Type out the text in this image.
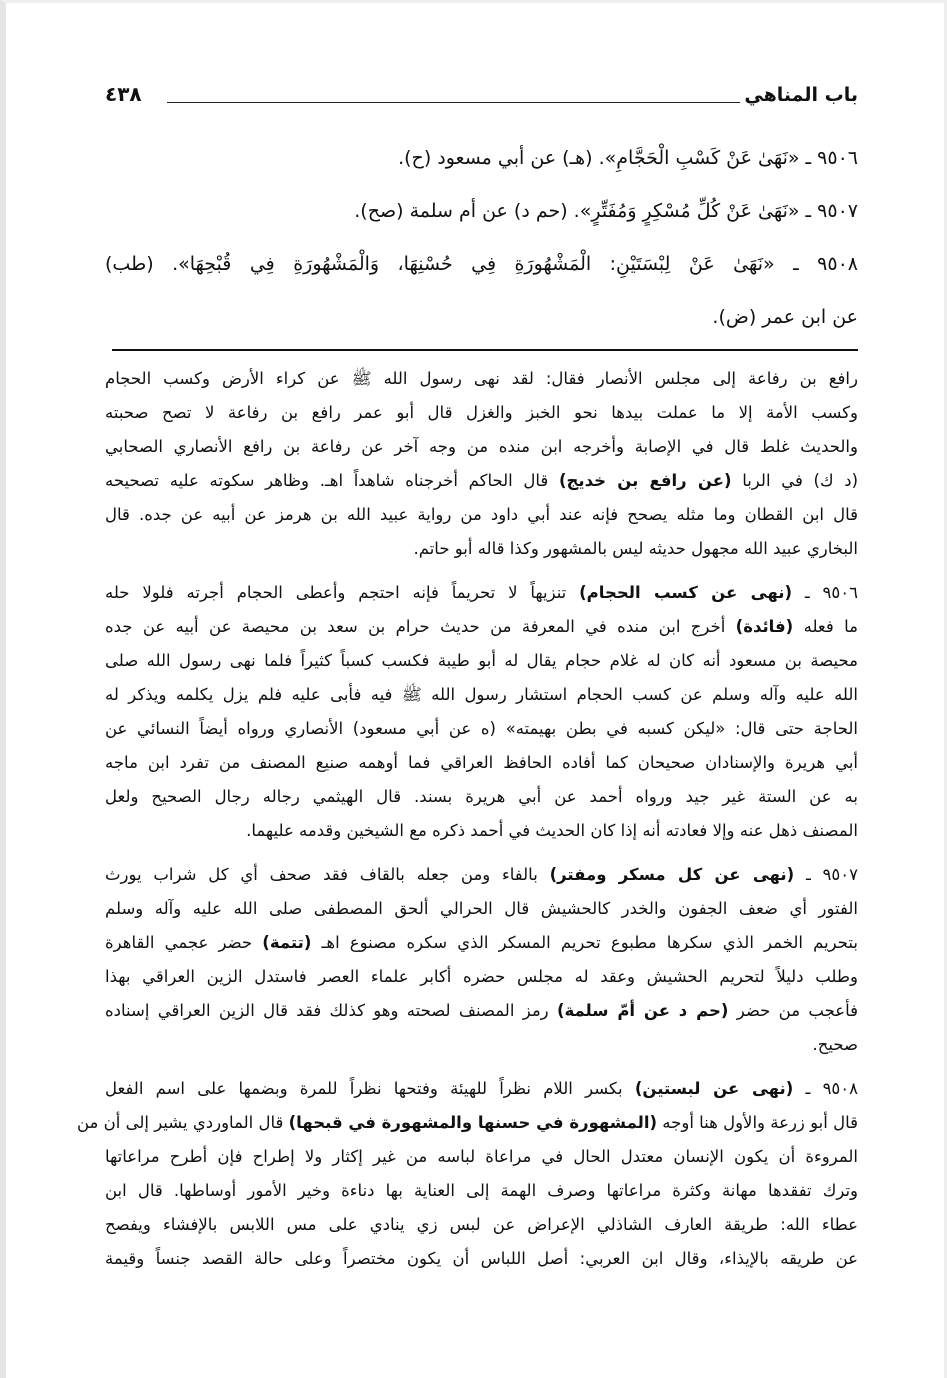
باب المناهي
٤٣٨
٩٥٠٦ ـ «نَهَىٰ عَنْ كَسْبِ الْحَجَّامِ». (هـ) عن أبي مسعود (ح).
٩٥٠٧ ـ «نَهَىٰ عَنْ كُلِّ مُسْكِرٍ وَمُفَتِّرٍ». (حم د) عن أم سلمة (صح).
٩٥٠٨ ـ «نَهَىٰ عَنْ لِبْسَتَيْنِ: الْمَشْهُورَةِ فِي حُسْنِهَا، وَالْمَشْهُورَةِ فِي قُبْحِهَا». (طب)
عن ابن عمر (ض).
رافع بن رفاعة إلى مجلس الأنصار فقال: لقد نهى رسول الله ﷺ عن كراء الأرض وكسب الحجام
وكسب الأمة إلا ما عملت بيدها نحو الخبز والغزل قال أبو عمر رافع بن رفاعة لا تصح صحبته
والحديث غلط قال في الإصابة وأخرجه ابن منده من وجه آخر عن رفاعة بن رافع الأنصاري الصحابي
(د ك) في الربا (عن رافع بن خديج) قال الحاكم أخرجناه شاهداً اهـ. وظاهر سكوته عليه تصحيحه
قال ابن القطان وما مثله يصحح فإنه عند أبي داود من رواية عبيد الله بن هرمز عن أبيه عن جده. قال
البخاري عبيد الله مجهول حديثه ليس بالمشهور وكذا قاله أبو حاتم.
٩٥٠٦ ـ (نهى عن كسب الحجام) تنزيهاً لا تحريماً فإنه احتجم وأعطى الحجام أجرته فلولا حله
ما فعله (فائدة) أخرج ابن منده في المعرفة من حديث حرام بن سعد بن محيصة عن أبيه عن جده
محيصة بن مسعود أنه كان له غلام حجام يقال له أبو طيبة فكسب كسباً كثيراً فلما نهى رسول الله صلى
الله عليه وآله وسلم عن كسب الحجام استشار رسول الله ﷺ فيه فأبى عليه فلم يزل يكلمه ويذكر له
الحاجة حتى قال: «ليكن كسبه في بطن بهيمته» (ه عن أبي مسعود) الأنصاري ورواه أيضاً النسائي عن
أبي هريرة والإسنادان صحيحان كما أفاده الحافظ العراقي فما أوهمه صنيع المصنف من تفرد ابن ماجه
به عن الستة غير جيد ورواه أحمد عن أبي هريرة بسند. قال الهيثمي رجاله رجال الصحيح ولعل
المصنف ذهل عنه وإلا فعادته أنه إذا كان الحديث في أحمد ذكره مع الشيخين وقدمه عليهما.
٩٥٠٧ ـ (نهى عن كل مسكر ومفتر) بالفاء ومن جعله بالقاف فقد صحف أي كل شراب يورث
الفتور أي ضعف الجفون والخدر كالحشيش قال الحرالي ألحق المصطفى صلى الله عليه وآله وسلم
بتحريم الخمر الذي سكرها مطبوع تحريم المسكر الذي سكره مصنوع اهـ (تتمة) حضر عجمي القاهرة
وطلب دليلاً لتحريم الحشيش وعقد له مجلس حضره أكابر علماء العصر فاستدل الزين العراقي بهذا
فأعجب من حضر (حم د عن أمّ سلمة) رمز المصنف لصحته وهو كذلك فقد قال الزين العراقي إسناده
صحيح.
٩٥٠٨ ـ (نهى عن لبستين) بكسر اللام نظراً للهيئة وفتحها نظراً للمرة وبضمها على اسم الفعل
قال أبو زرعة والأول هنا أوجه (المشهورة في حسنها والمشهورة في قبحها) قال الماوردي يشير إلى أن من
المروءة أن يكون الإنسان معتدل الحال في مراعاة لباسه من غير إكثار ولا إطراح فإن أطرح مراعاتها
وترك تفقدها مهانة وكثرة مراعاتها وصرف الهمة إلى العناية بها دناءة وخير الأمور أوساطها. قال ابن
عطاء الله: طريقة العارف الشاذلي الإعراض عن لبس زي ينادي على مس اللابس بالإفشاء ويفصح
عن طريقه بالإيذاء، وقال ابن العربي: أصل اللباس أن يكون مختصراً وعلى حالة القصد جنساً وقيمة
